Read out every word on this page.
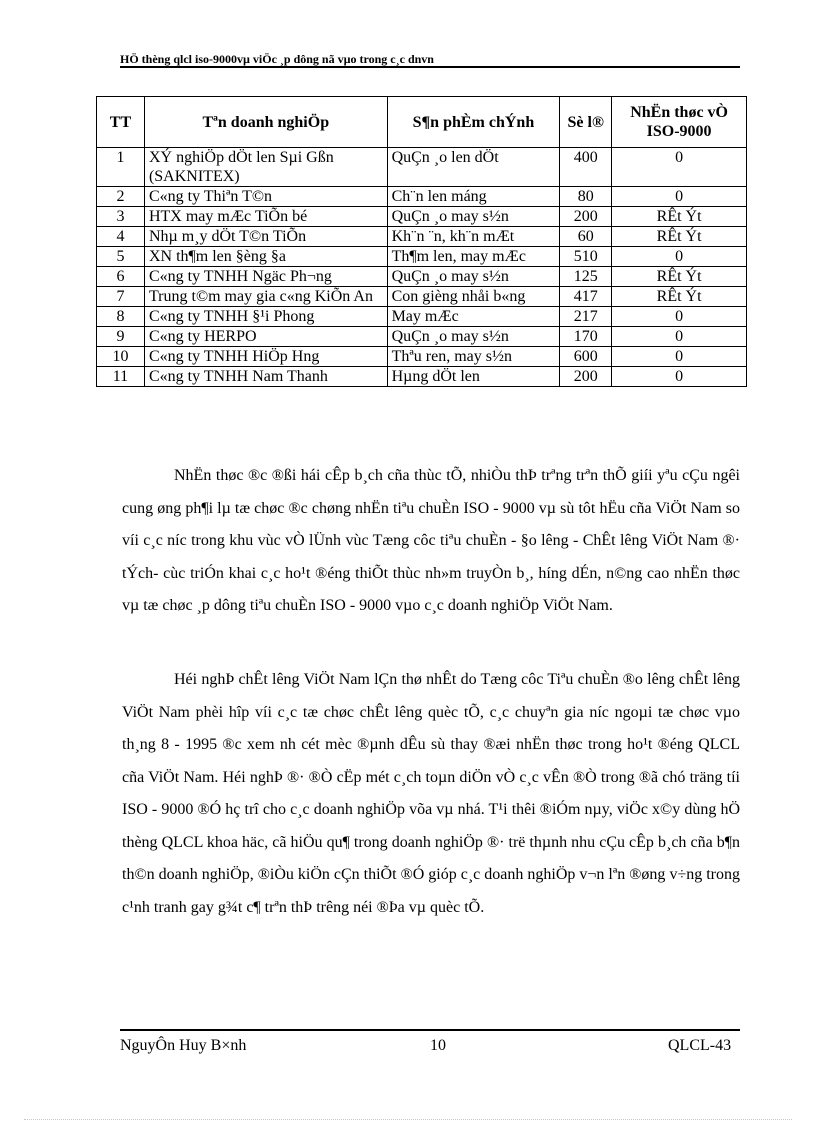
HÖ thèng qlcl iso-9000vµ viÖc ¸p dông nã vµo trong c¸c dnvn
TT	Tªn doanh nghiÖp	S¶n phÈm chÝnh	Sè l®	NhËn thøc vÒ ISO-9000
1	XÝ nghiÖp dÖt len Sµi Gßn (SAKNITEX)	QuÇn ¸o len dÖt	400	0
2	C«ng ty Thiªn T©n	Ch¨n len máng	80	0
3	HTX may mÆc TiÕn bé	QuÇn ¸o may s½n	200	RÊt Ýt
4	Nhµ m¸y dÖt T©n TiÕn	Kh¨n ¨n, kh¨n mÆt	60	RÊt Ýt
5	XN th¶m len §èng §a	Th¶m len, may mÆc	510	0
6	C«ng ty TNHH Ngäc Ph¬ng	QuÇn ¸o may s½n	125	RÊt Ýt
7	Trung t©m may gia c«ng KiÕn An	Con gièng nhåi b«ng	417	RÊt Ýt
8	C«ng ty TNHH §¹i Phong	May mÆc	217	0
9	C«ng ty HERPO	QuÇn ¸o may s½n	170	0
10	C«ng ty TNHH HiÖp Hng	Thªu ren, may s½n	600	0
11	C«ng ty TNHH Nam Thanh	Hµng dÖt len	200	0

NhËn thøc ®c ®ßi hái cÊp b¸ch cña thùc tÕ, nhiÒu thÞ trªng trªn thÕ giíi yªu cÇu ngêi cung øng ph¶i lµ tæ chøc ®c chøng nhËn tiªu chuÈn ISO - 9000 vµ sù tôt hËu cña ViÖt Nam so víi c¸c níc trong khu vùc vÒ lÜnh vùc Tæng côc tiªu chuÈn - §o lêng - ChÊt lêng ViÖt Nam ®· tÝch- cùc triÓn khai c¸c ho¹t ®éng thiÕt thùc nh»m truyÒn b¸, híng dÉn, n©ng cao nhËn thøc vµ tæ chøc ¸p dông tiªu chuÈn ISO - 9000 vµo c¸c doanh nghiÖp ViÖt Nam.

Héi nghÞ chÊt lêng ViÖt Nam lÇn thø nhÊt do Tæng côc Tiªu chuÈn ®o lêng chÊt lêng ViÖt Nam phèi hîp víi c¸c tæ chøc chÊt lêng quèc tÕ, c¸c chuyªn gia níc ngoµi tæ chøc vµo th¸ng 8 - 1995 ®c xem nh cét mèc ®µnh dÊu sù thay ®æi nhËn thøc trong ho¹t ®éng QLCL cña ViÖt Nam. Héi nghÞ ®· ®Ò cËp mét c¸ch toµn diÖn vÒ c¸c vÊn ®Ò trong ®ã chó träng tíi ISO - 9000 ®Ó hç trî cho c¸c doanh nghiÖp võa vµ nhá. T¹i thêi ®iÓm nµy, viÖc x©y dùng hÖ thèng QLCL khoa häc, cã hiÖu qu¶ trong doanh nghiÖp ®· trë thµnh nhu cÇu cÊp b¸ch cña b¶n th©n doanh nghiÖp, ®iÒu kiÖn cÇn thiÕt ®Ó gióp c¸c doanh nghiÖp v¬n lªn ®øng v÷ng trong c¹nh tranh gay g¾t c¶ trªn thÞ trêng néi ®Þa vµ quèc tÕ.

NguyÔn Huy B×nh	10	QLCL-43
